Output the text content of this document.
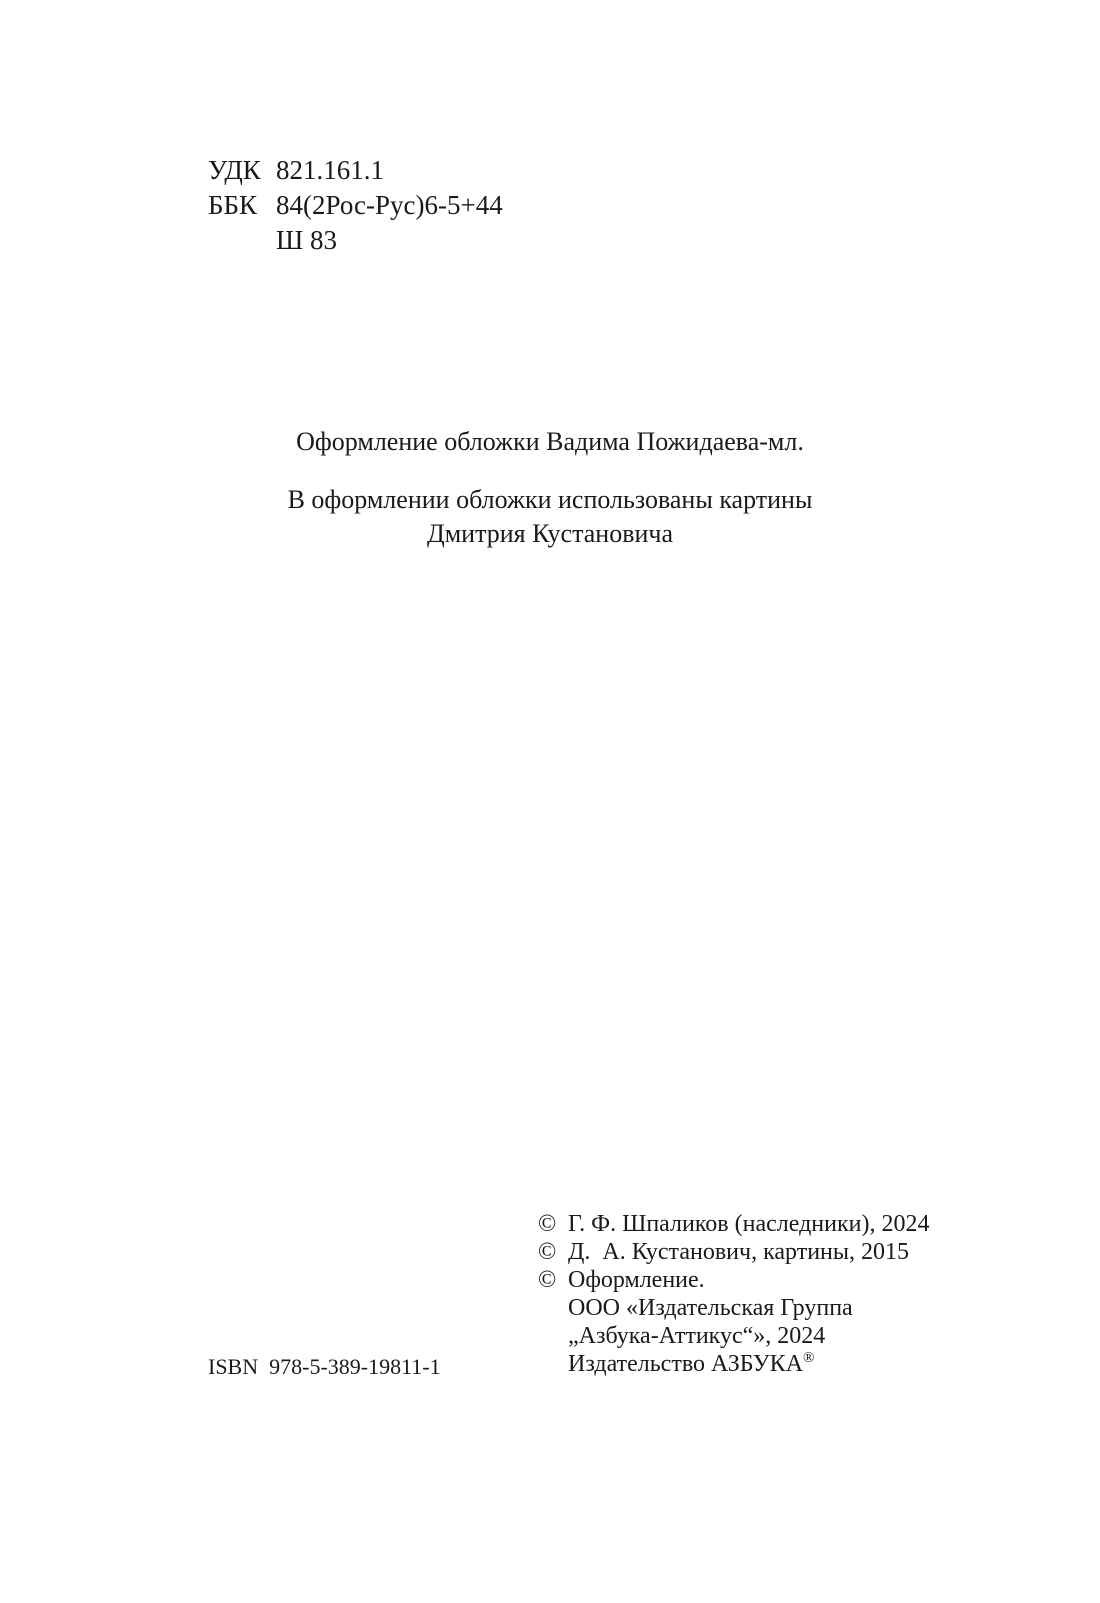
УДК 821.161.1
ББК 84(2Рос-Рус)6-5+44
Ш 83
Оформление обложки Вадима Пожидаева-мл.
В оформлении обложки использованы картины
Дмитрия Кустановича
ISBN  978-5-389-19811-1
© Г. Ф. Шпаликов (наследники), 2024
© Д.  А. Кустанович, картины, 2015
© Оформление.
ООО «Издательская Группа
„Азбука-Аттикус“», 2024
Издательство АЗБУКА®
